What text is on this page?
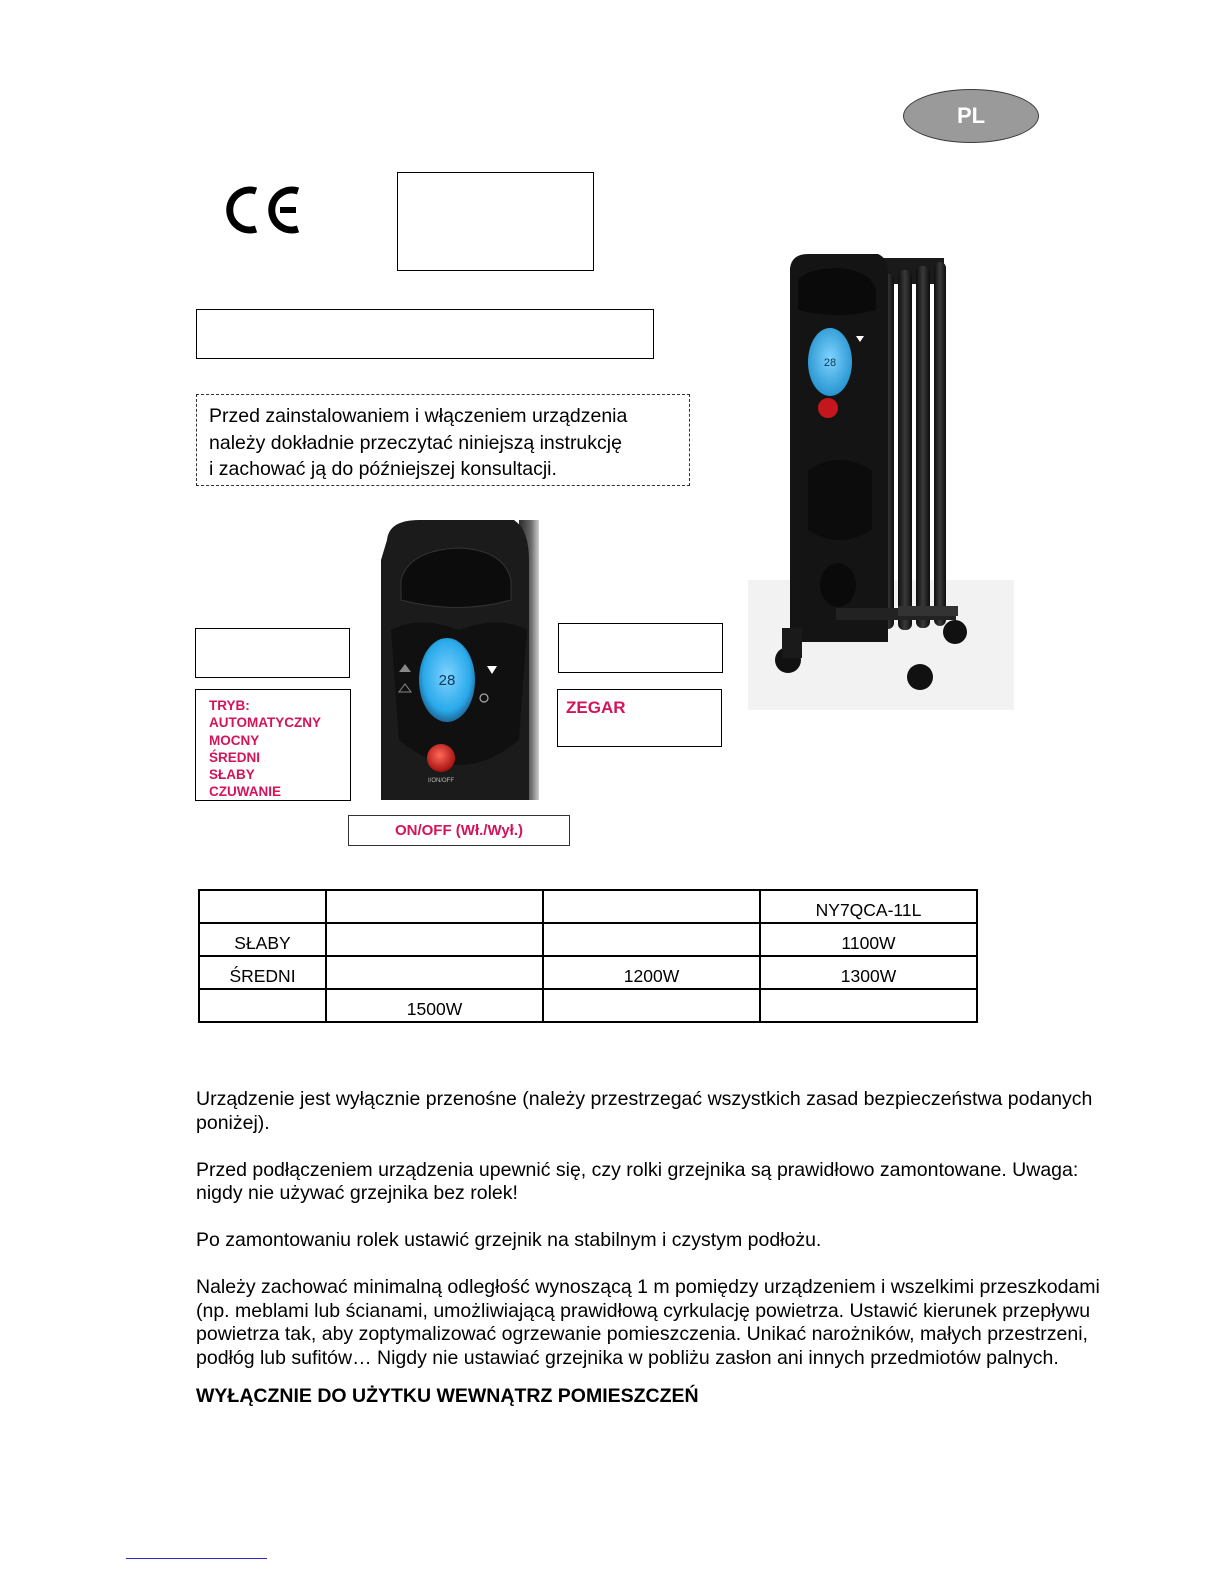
PL
Przed zainstalowaniem i włączeniem urządzenia
należy dokładnie przeczytać niniejszą instrukcję
i zachować ją do późniejszej konsultacji.
28
I/ON/OFF
TRYB:
AUTOMATYCZNY
MOCNY
ŚREDNI
SŁABY
CZUWANIE
ZEGAR
ON/OFF (Wł./Wył.)
28
			NY7QCA-11L
SŁABY			1100W
ŚREDNI		1200W	1300W
	1500W		

Urządzenie jest wyłącznie przenośne (należy przestrzegać wszystkich zasad bezpieczeństwa podanych poniżej).

Przed podłączeniem urządzenia upewnić się, czy rolki grzejnika są prawidłowo zamontowane. Uwaga: nigdy nie używać grzejnika bez rolek!

Po zamontowaniu rolek ustawić grzejnik na stabilnym i czystym podłożu.

Należy zachować minimalną odległość wynoszącą 1 m pomiędzy urządzeniem i wszelkimi przeszkodami (np. meblami lub ścianami, umożliwiającą prawidłową cyrkulację powietrza. Ustawić kierunek przepływu powietrza tak, aby zoptymalizować ogrzewanie pomieszczenia. Unikać narożników, małych przestrzeni, podłóg lub sufitów… Nigdy nie ustawiać grzejnika w pobliżu zasłon ani innych przedmiotów palnych.

WYŁĄCZNIE DO UŻYTKU WEWNĄTRZ POMIESZCZEŃ
